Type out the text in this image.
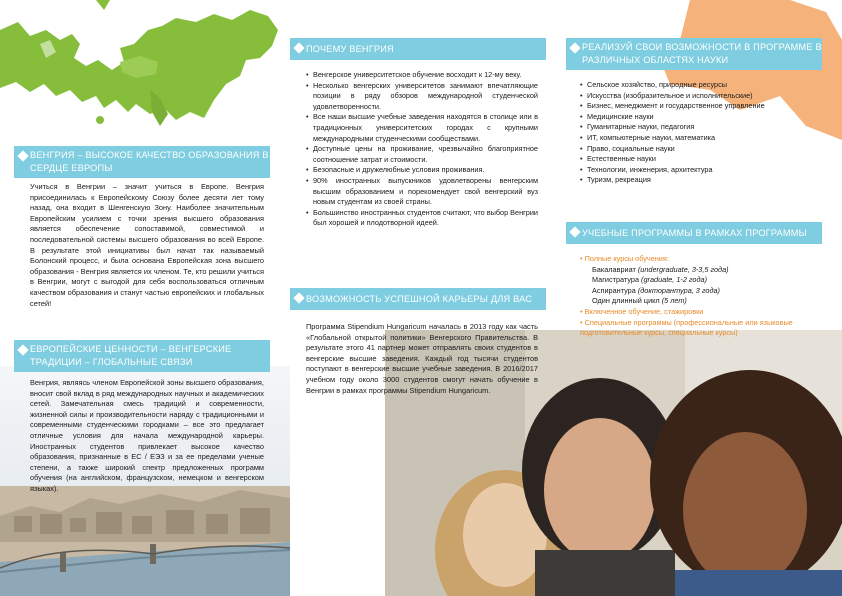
ВЕНГРИЯ – ВЫСОКОЕ КАЧЕСТВО ОБРАЗОВАНИЯ В СЕРДЦЕ ЕВРОПЫ
Учиться в Венгрии – значит учиться в Европе. Венгрия присоединилась к Европейскому Союзу более десяти лет тому назад, она входит в Шенгенскую Зону. Наиболее значительным Европейским усилием с точки зрения высшего образования является обеспечение сопоставимой, совместимой и последовательной системы высшего образования во всей Европе. В результате этой инициативы был начат так называемый Болонский процесс, и была основана Европейская зона высшего образования - Венгрия является их членом. Те, кто решили учиться в Венгрии, могут с выгодой для себя воспользоваться отличным качеством образования и станут частью европейских и глобальных сетей!
ЕВРОПЕЙСКИЕ ЦЕННОСТИ – ВЕНГЕРСКИЕ ТРАДИЦИИ – ГЛОБАЛЬНЫЕ СВЯЗИ
Венгрия, являясь членом Европейской зоны высшего образования, вносит свой вклад в ряд международных научных и академических сетей. Замечательная смесь традиций и современности, жизненной силы и производительности наряду с традиционными и современными студенческими городками – все это предлагает отличные условия для начала международной карьеры. Иностранных студентов привлекает высокое качество образования, признанные в ЕС / ЕЭЗ и за ее пределами ученые степени, а также широкий спектр предложенных программ обучения (на английском, французском, немецком и венгерском языках).
ПОЧЕМУ ВЕНГРИЯ
• Венгерское университетское обучение восходит к 12-му веку.
• Несколько венгерских университетов занимают впечатляющие позиции в ряду обзоров международной студенческой удовлетворенности.
• Все наши высшие учебные заведения находятся в столице или в традиционных университетских городах с крупными международными студенческими сообществами.
• Доступные цены на проживание, чрезвычайно благоприятное соотношение затрат и стоимости.
• Безопасные и дружелюбные условия проживания.
• 90% иностранных выпускников удовлетворены венгерским высшим образованием и порекомендует свой венгерский вуз новым студентам из своей страны.
• Большинство иностранных студентов считают, что выбор Венгрии был хорошей и плодотворной идеей.
ВОЗМОЖНОСТЬ УСПЕШНОЙ КАРЬЕРЫ ДЛЯ ВАС
Программа Stipendium Hungaricum началась в 2013 году как часть «Глобальной открытой политики» Венгерского Правительства. В результате этого 41 партнер может отправлять своих студентов в венгерские высшие заведения. Каждый год тысячи студентов поступают в венгерские высшие учебные заведения. В 2016/2017 учебном году около 3000 студентов смогут начать обучение в Венгрии в рамках программы Stipendium Hungaricum.
РЕАЛИЗУЙ СВОИ ВОЗМОЖНОСТИ В ПРОГРАММЕ В РАЗЛИЧНЫХ ОБЛАСТЯХ НАУКИ
• Сельское хозяйство, природные ресурсы
• Искусства (изобразительное и исполнительские)
• Бизнес, менеджмент и государственное управление
• Медицинские науки
• Гуманитарные науки, педагогия
• ИТ, компьютерные науки, математика
• Право, социальные науки
• Естественные науки
• Технологии, инженерия, архитектура
• Туризм, рекреация
УЧЕБНЫЕ ПРОГРАММЫ В РАМКАХ ПРОГРАММЫ
• Полные курсы обучения:
Бакалавриат (undergraduate, 3-3,5 года)
Магистратура (graduate, 1-2 года)
Аспирантура (докторантура, 3 года)
Один длинный цикл (5 лет)
• Включенное обучение, стажировки
• Специальные программы (профессиональные или языковые подготовительные курсы, специальные курсы)
